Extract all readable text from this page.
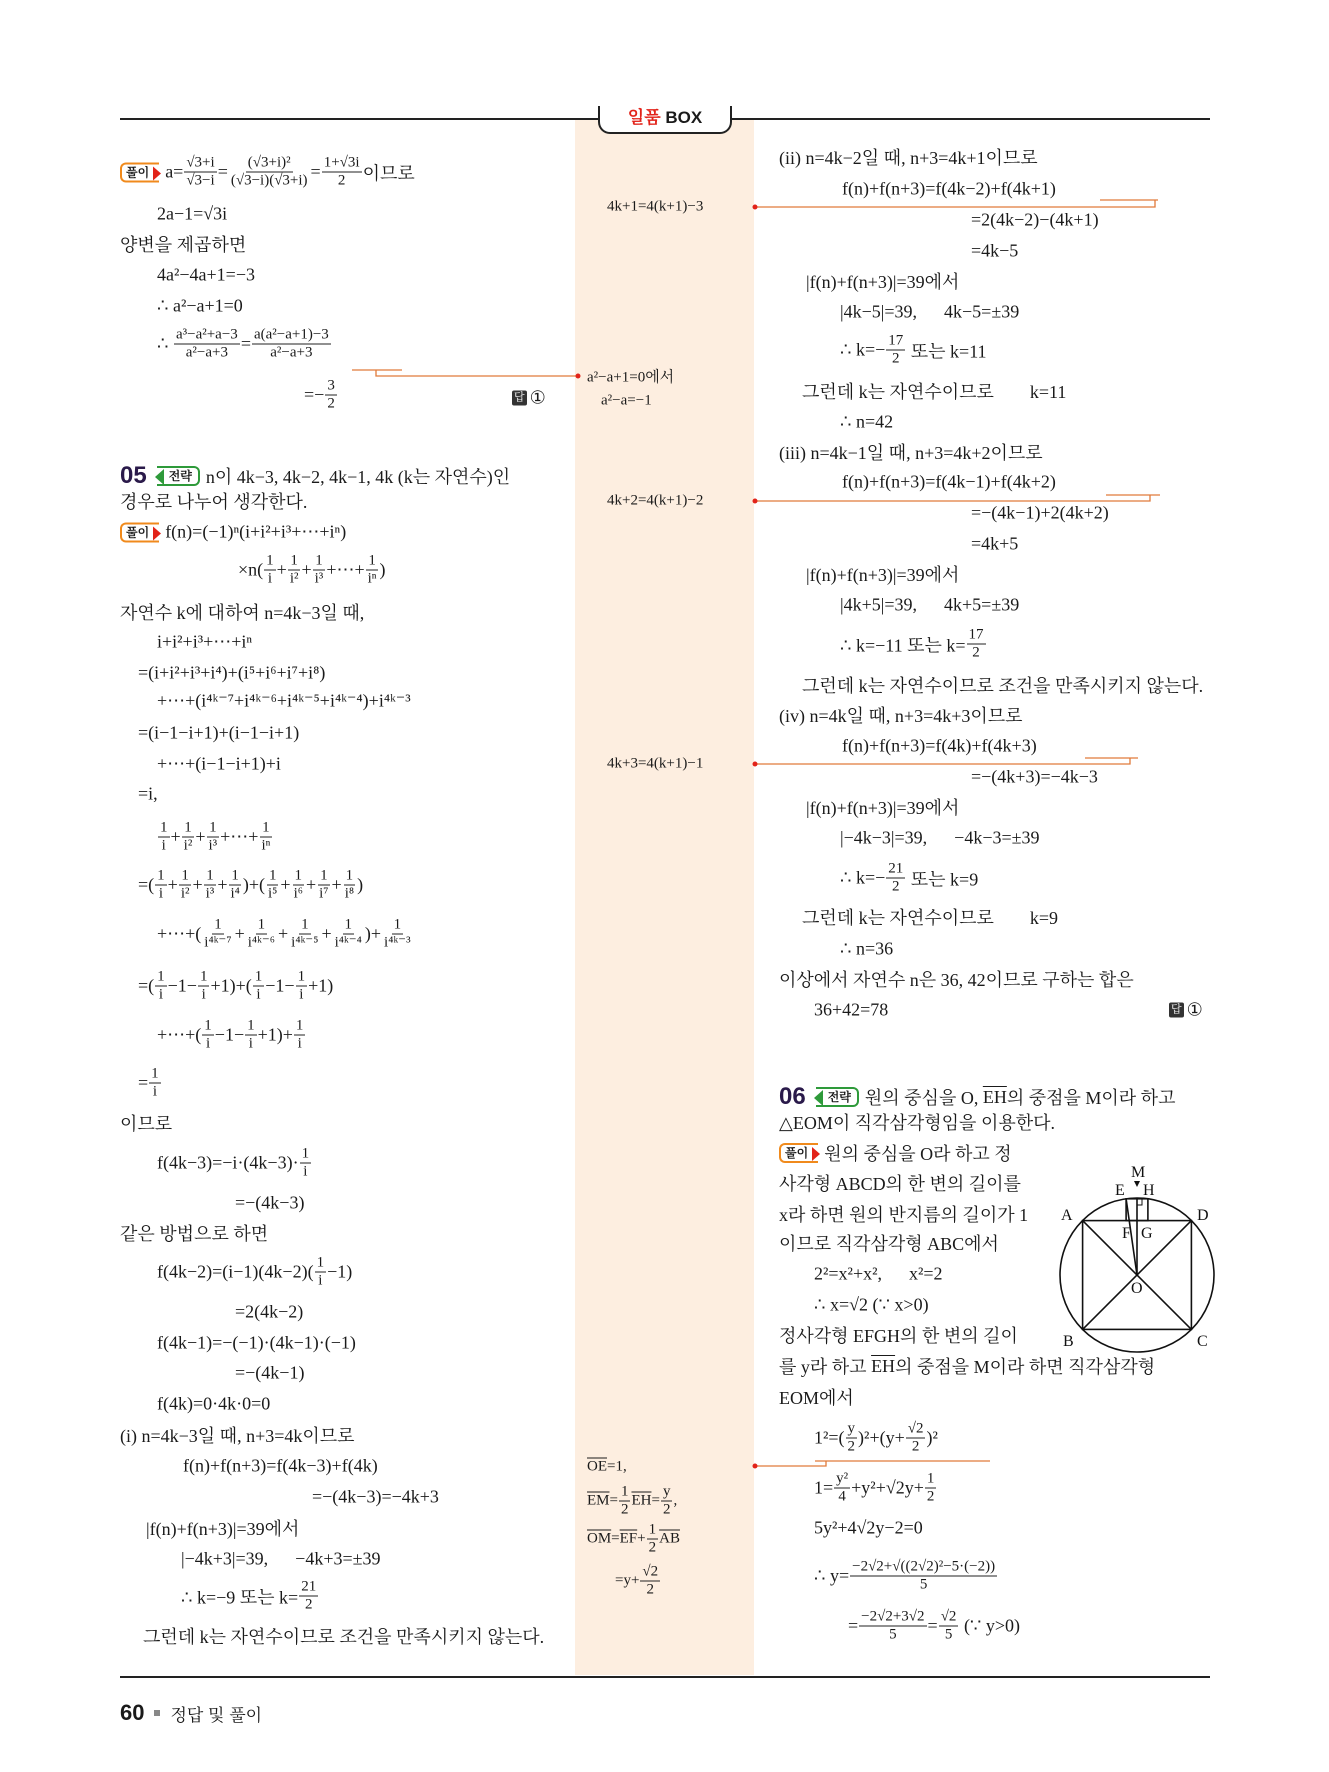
일품 BOX
풀이 $a= \frac{√3+i}{√3-i} = \frac{\text{(√3+i)²}}{(√3-i)(√3+i)} = \frac{1+√3i}{2}$ 이므로
2a−1=√3i
양변을 제곱하면
4a²−4a+1=−3
∴ a²−a+1=0
∴ $\frac{\text{a³−a²+a−3}}{\text{a²−a+3}} = \frac{\text{a(a²−a+1)−3}}{\text{a²−a+3}}$
=− $\frac{3}{2}$	답 ①
05	전략 n이 4k−3, 4k−2, 4k−1, 4k (k는 자연수)인
경우로 나누어 생각한다.
풀이 f(n)=(−1)ⁿ(i+i²+i³+⋯+iⁿ)
$\times n( \frac{1}{i} + \frac{1}{\text{i²}} + \frac{1}{\text{i³}}$ +⋯+ $\frac{1}{\text{iⁿ}}$ )
자연수 k에 대하여 n=4k−3일 때,
i+i²+i³+⋯+iⁿ
=(i+i²+i³+i⁴)+(i⁵+i⁶+i⁷+i⁸)
+⋯+(i⁴ᵏ⁻⁷+i⁴ᵏ⁻⁶+i⁴ᵏ⁻⁵+i⁴ᵏ⁻⁴)+i⁴ᵏ⁻³
=(i−1−i+1)+(i−1−i+1)
+⋯+(i−1−i+1)+i
=i,
$\frac{1}{i} + \frac{1}{\text{i²}} + \frac{1}{\text{i³}}$ +⋯+ $\frac{1}{\text{iⁿ}}$
=( $\frac{1}{i} + \frac{1}{\text{i²}} + \frac{1}{\text{i³}} + \frac{1}{\text{i⁴}}$ )+( $\frac{1}{\text{i⁵}} + \frac{1}{\text{i⁶}} + \frac{1}{\text{i⁷}} + \frac{1}{\text{i⁸}}$ )
+⋯+( $\frac{1}{\text{i⁴ᵏ⁻⁷}} + \frac{1}{\text{i⁴ᵏ⁻⁶}} + \frac{1}{\text{i⁴ᵏ⁻⁵}} + \frac{1}{\text{i⁴ᵏ⁻⁴}}$ )+ $\frac{1}{\text{i⁴ᵏ⁻³}}$
=( $\frac{1}{i} -1- \frac{1}{i} +1)+( \frac{1}{i} -1- \frac{1}{i} +1)$
+⋯+( $\frac{1}{i} -1- \frac{1}{i} +1)+ \frac{1}{i}$
= $\frac{1}{i}$
이므로
$f(4k-3)=-i\cdot(4k-3)\cdot \frac{1}{i}$
=−(4k−3)
같은 방법으로 하면
$f(4k-2)=(i-1)(4k-2)( \frac{1}{i} -1)$
=2(4k−2)
f(4k−1)=−(−1)·(4k−1)·(−1)
=−(4k−1)
f(4k)=0·4k·0=0
(i) n=4k−3일 때, n+3=4k이므로
f(n)+f(n+3)=f(4k−3)+f(4k)
=−(4k−3)=−4k+3
|f(n)+f(n+3)|=39에서
|−4k+3|=39,      −4k+3=±39
∴ k=−9 또는 $k= \frac{21}{2}$
그런데 k는 자연수이므로 조건을 만족시키지 않는다.
4k+1=4(k+1)−3
a²−a+1=0에서
a²−a=−1
4k+2=4(k+1)−2
4k+3=4(k+1)−1
$\overline{OE} =1$,
$\overline{EM} = \frac{1}{2} \overline{EH} = \frac{y}{2}$ ,
$\overline{OM} = \overline{EF} + \frac{1}{2} \overline{AB}$
$=y+ \frac{√2}{2}$
(ii) n=4k−2일 때, n+3=4k+1이므로
f(n)+f(n+3)=f(4k−2)+f(4k+1)
=2(4k−2)−(4k+1)
=4k−5
|f(n)+f(n+3)|=39에서
|4k−5|=39,      4k−5=±39
∴ $k=- \frac{17}{2}$ 또는 k=11
그런데 k는 자연수이므로        k=11
∴ n=42
(iii) n=4k−1일 때, n+3=4k+2이므로
f(n)+f(n+3)=f(4k−1)+f(4k+2)
=−(4k−1)+2(4k+2)
=4k+5
|f(n)+f(n+3)|=39에서
|4k+5|=39,      4k+5=±39
∴ k=−11 또는 $k= \frac{17}{2}$
그런데 k는 자연수이므로 조건을 만족시키지 않는다.
(iv) n=4k일 때, n+3=4k+3이므로
f(n)+f(n+3)=f(4k)+f(4k+3)
=−(4k+3)=−4k−3
|f(n)+f(n+3)|=39에서
|−4k−3|=39,      −4k−3=±39
∴ $k=- \frac{21}{2}$ 또는 k=9
그런데 k는 자연수이므로        k=9
∴ n=36
이상에서 자연수 n은 36, 42이므로 구하는 합은
36+42=78	답 ①
06	전략 원의 중심을 O, $\overline{EH}$ 의 중점을 M이라 하고
△EOM이 직각삼각형임을 이용한다.
풀이 원의 중심을 O라 하고 정
사각형 ABCD의 한 변의 길이를
x라 하면 원의 반지름의 길이가 1
이므로 직각삼각형 ABC에서
2²=x²+x²,      x²=2
∴ x=√2 (∵ x>0)
정사각형 EFGH의 한 변의 길이
를 y라 하고 $\overline{EH}$ 의 중점을 M이라 하면 직각삼각형
EOM에서
$1^2=( \frac{y}{2} )^2+(y+ \frac{√2}{2} )^2$
$1= \frac{\text{y²}}{4} +y^2+√2y+ \frac{1}{2}$
5y²+4√2y−2=0
∴ $y= \frac{\text{−2√2+√((2√2)²−5·(−2))}}{5}$
= $\frac{-2√2+3√2}{5} = \frac{√2}{5}$ (∵ y>0)
M
E H
A	D
F G
O
B	C
60 정답 및 풀이
